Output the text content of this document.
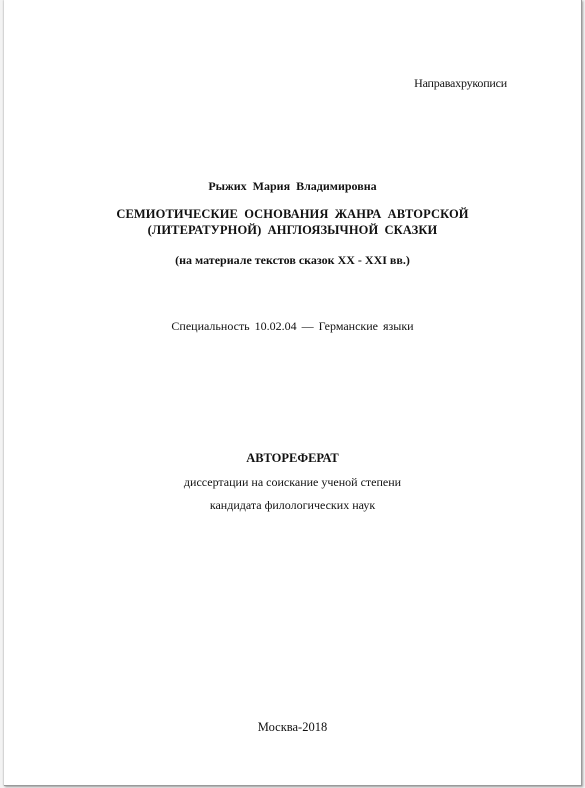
Направахрукописи
Рыжих Мария Владимировна
СЕМИОТИЧЕСКИЕ ОСНОВАНИЯ ЖАНРА АВТОРСКОЙ
(ЛИТЕРАТУРНОЙ) АНГЛОЯЗЫЧНОЙ СКАЗКИ
(на материале текстов сказок XX - XXI вв.)
Специальность 10.02.04 — Германские языки
АВТОРЕФЕРАТ
диссертации на соискание ученой степени
кандидата филологических наук
Москва-2018
